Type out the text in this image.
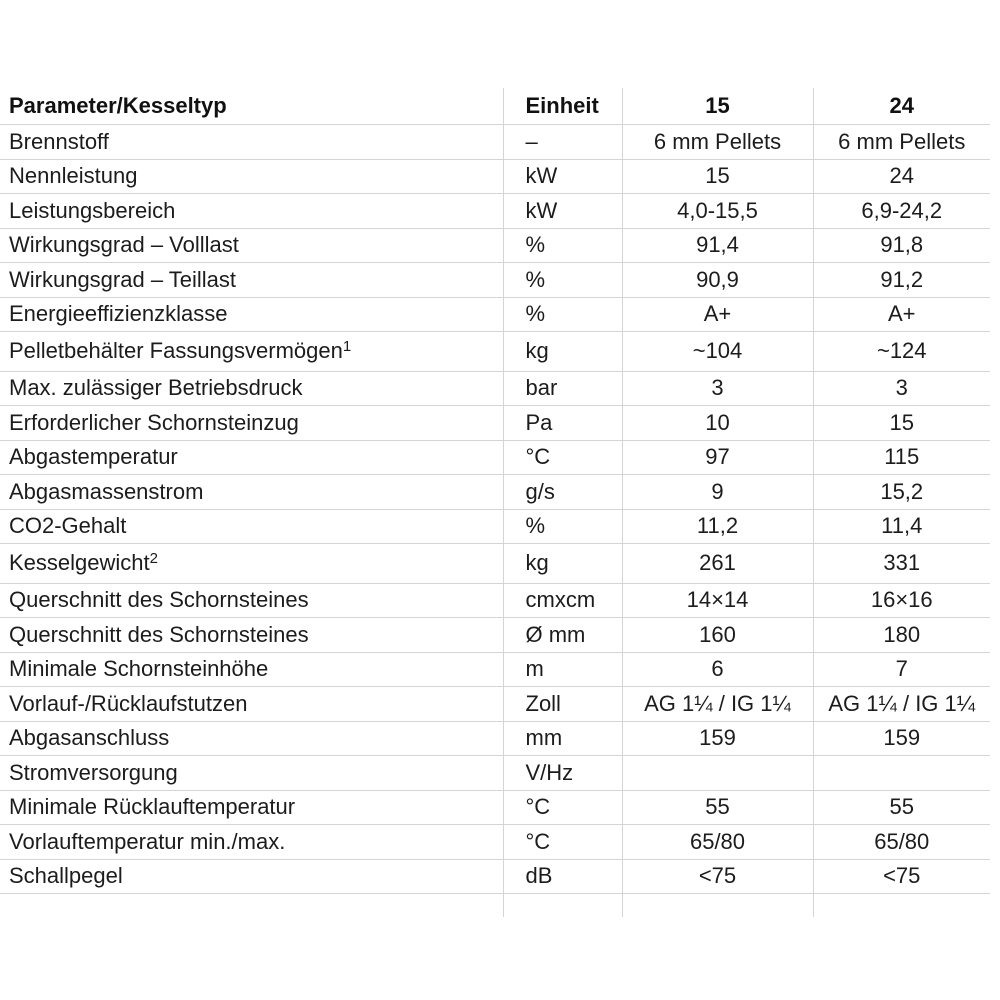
Parameter/Kesseltyp	Einheit	15	24
Brennstoff	–	6 mm Pellets	6 mm Pellets
Nennleistung	kW	15	24
Leistungsbereich	kW	4,0-15,5	6,9-24,2
Wirkungsgrad – Volllast	%	91,4	91,8
Wirkungsgrad – Teillast	%	90,9	91,2
Energieeffizienzklasse	%	A+	A+
Pelletbehälter Fassungsvermögen$^1$	kg	~104	~124
Max. zulässiger Betriebsdruck	bar	3	3
Erforderlicher Schornsteinzug	Pa	10	15
Abgastemperatur	°C	97	115
Abgasmassenstrom	g/s	9	15,2
CO2-Gehalt	%	11,2	11,4
Kesselgewicht$^2$	kg	261	331
Querschnitt des Schornsteines	cmxcm	14×14	16×16
Querschnitt des Schornsteines	Ø mm	160	180
Minimale Schornsteinhöhe	m	6	7
Vorlauf-/Rücklaufstutzen	Zoll	AG 1¼ / IG 1¼	AG 1¼ / IG 1¼
Abgasanschluss	mm	159	159
Stromversorgung	V/Hz		
Minimale Rücklauftemperatur	°C	55	55
Vorlauftemperatur min./max.	°C	65/80	65/80
Schallpegel	dB	<75	<75
